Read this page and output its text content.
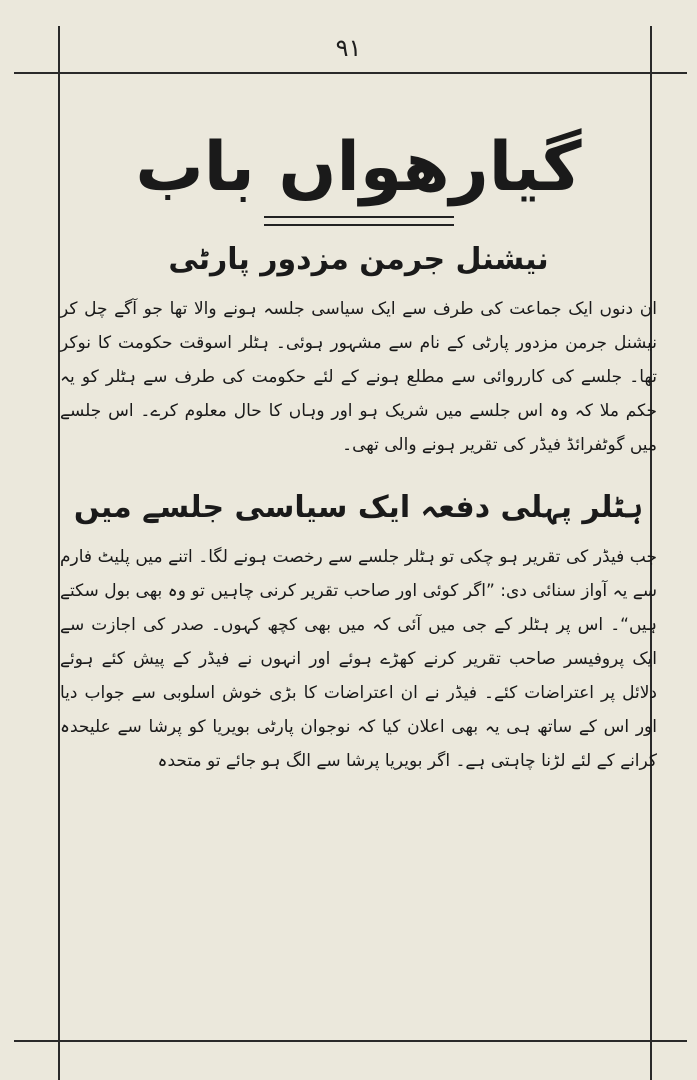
۹۱
گیارھواں باب
نیشنل جرمن مزدور پارٹی

ان دنوں ایک جماعت کی طرف سے ایک سیاسی جلسہ ہونے والا تھا جو آگے چل کر نیشنل جرمن مزدور پارٹی کے نام سے مشہور ہوئی۔ ہٹلر اسوقت حکومت کا نوکر تھا۔ جلسے کی کارروائی سے مطلع ہونے کے لئے حکومت کی طرف سے ہٹلر کو یہ حکم ملا کہ وہ اس جلسے میں شریک ہو اور وہاں کا حال معلوم کرے۔ اس جلسے میں گوٹفرائڈ فیڈر کی تقریر ہونے والی تھی۔

ہٹلر پہلی دفعہ ایک سیاسی جلسے میں

جب فیڈر کی تقریر ہو چکی تو ہٹلر جلسے سے رخصت ہونے لگا۔ اتنے میں پلیٹ فارم سے یہ آواز سنائی دی: ”اگر کوئی اور صاحب تقریر کرنی چاہیں تو وہ بھی بول سکتے ہیں“۔ اس پر ہٹلر کے جی میں آئی کہ میں بھی کچھ کہوں۔ صدر کی اجازت سے ایک پروفیسر صاحب تقریر کرنے کھڑے ہوئے اور انہوں نے فیڈر کے پیش کئے ہوئے دلائل پر اعتراضات کئے۔ فیڈر نے ان اعتراضات کا بڑی خوش اسلوبی سے جواب دیا اور اس کے ساتھ ہی یہ بھی اعلان کیا کہ نوجوان پارٹی بویریا کو پرشا سے علیحدہ کرانے کے لئے لڑنا چاہتی ہے۔ اگر بویریا پرشا سے الگ ہو جائے تو متحدہ
